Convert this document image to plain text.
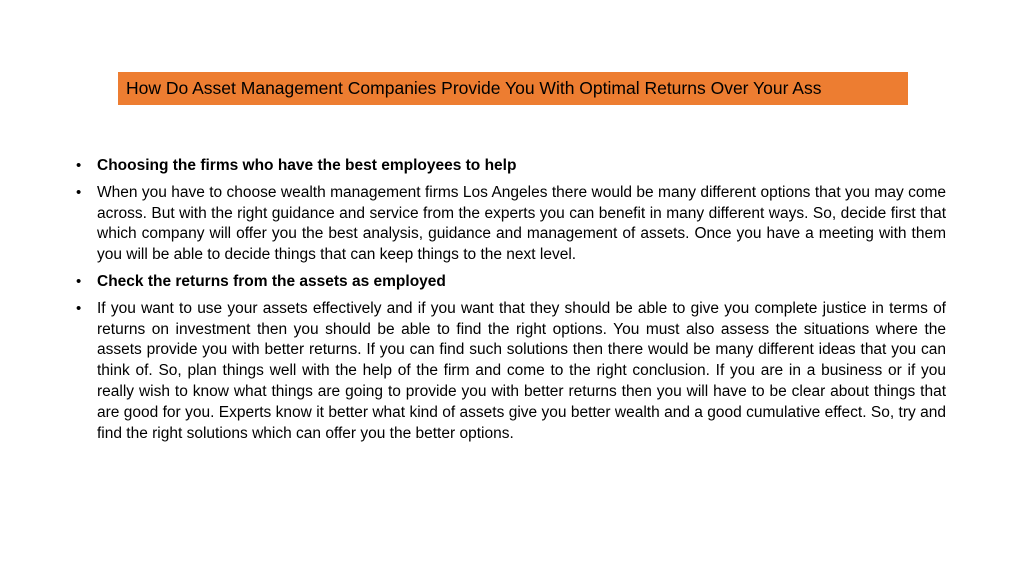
How Do Asset Management Companies Provide You With Optimal Returns Over Your Ass
•	Choosing the firms who have the best employees to help
•	When you have to choose wealth management firms Los Angeles there would be many different options that you may come across. But with the right guidance and service from the experts you can benefit in many different ways. So, decide first that which company will offer you the best analysis, guidance and management of assets. Once you have a meeting with them you will be able to decide things that can keep things to the next level.
•	Check the returns from the assets as employed
•	If you want to use your assets effectively and if you want that they should be able to give you complete justice in terms of returns on investment then you should be able to find the right options. You must also assess the situations where the assets provide you with better returns. If you can find such solutions then there would be many different ideas that you can think of. So, plan things well with the help of the firm and come to the right conclusion. If you are in a business or if you really wish to know what things are going to provide you with better returns then you will have to be clear about things that are good for you. Experts know it better what kind of assets give you better wealth and a good cumulative effect. So, try and find the right solutions which can offer you the better options.
